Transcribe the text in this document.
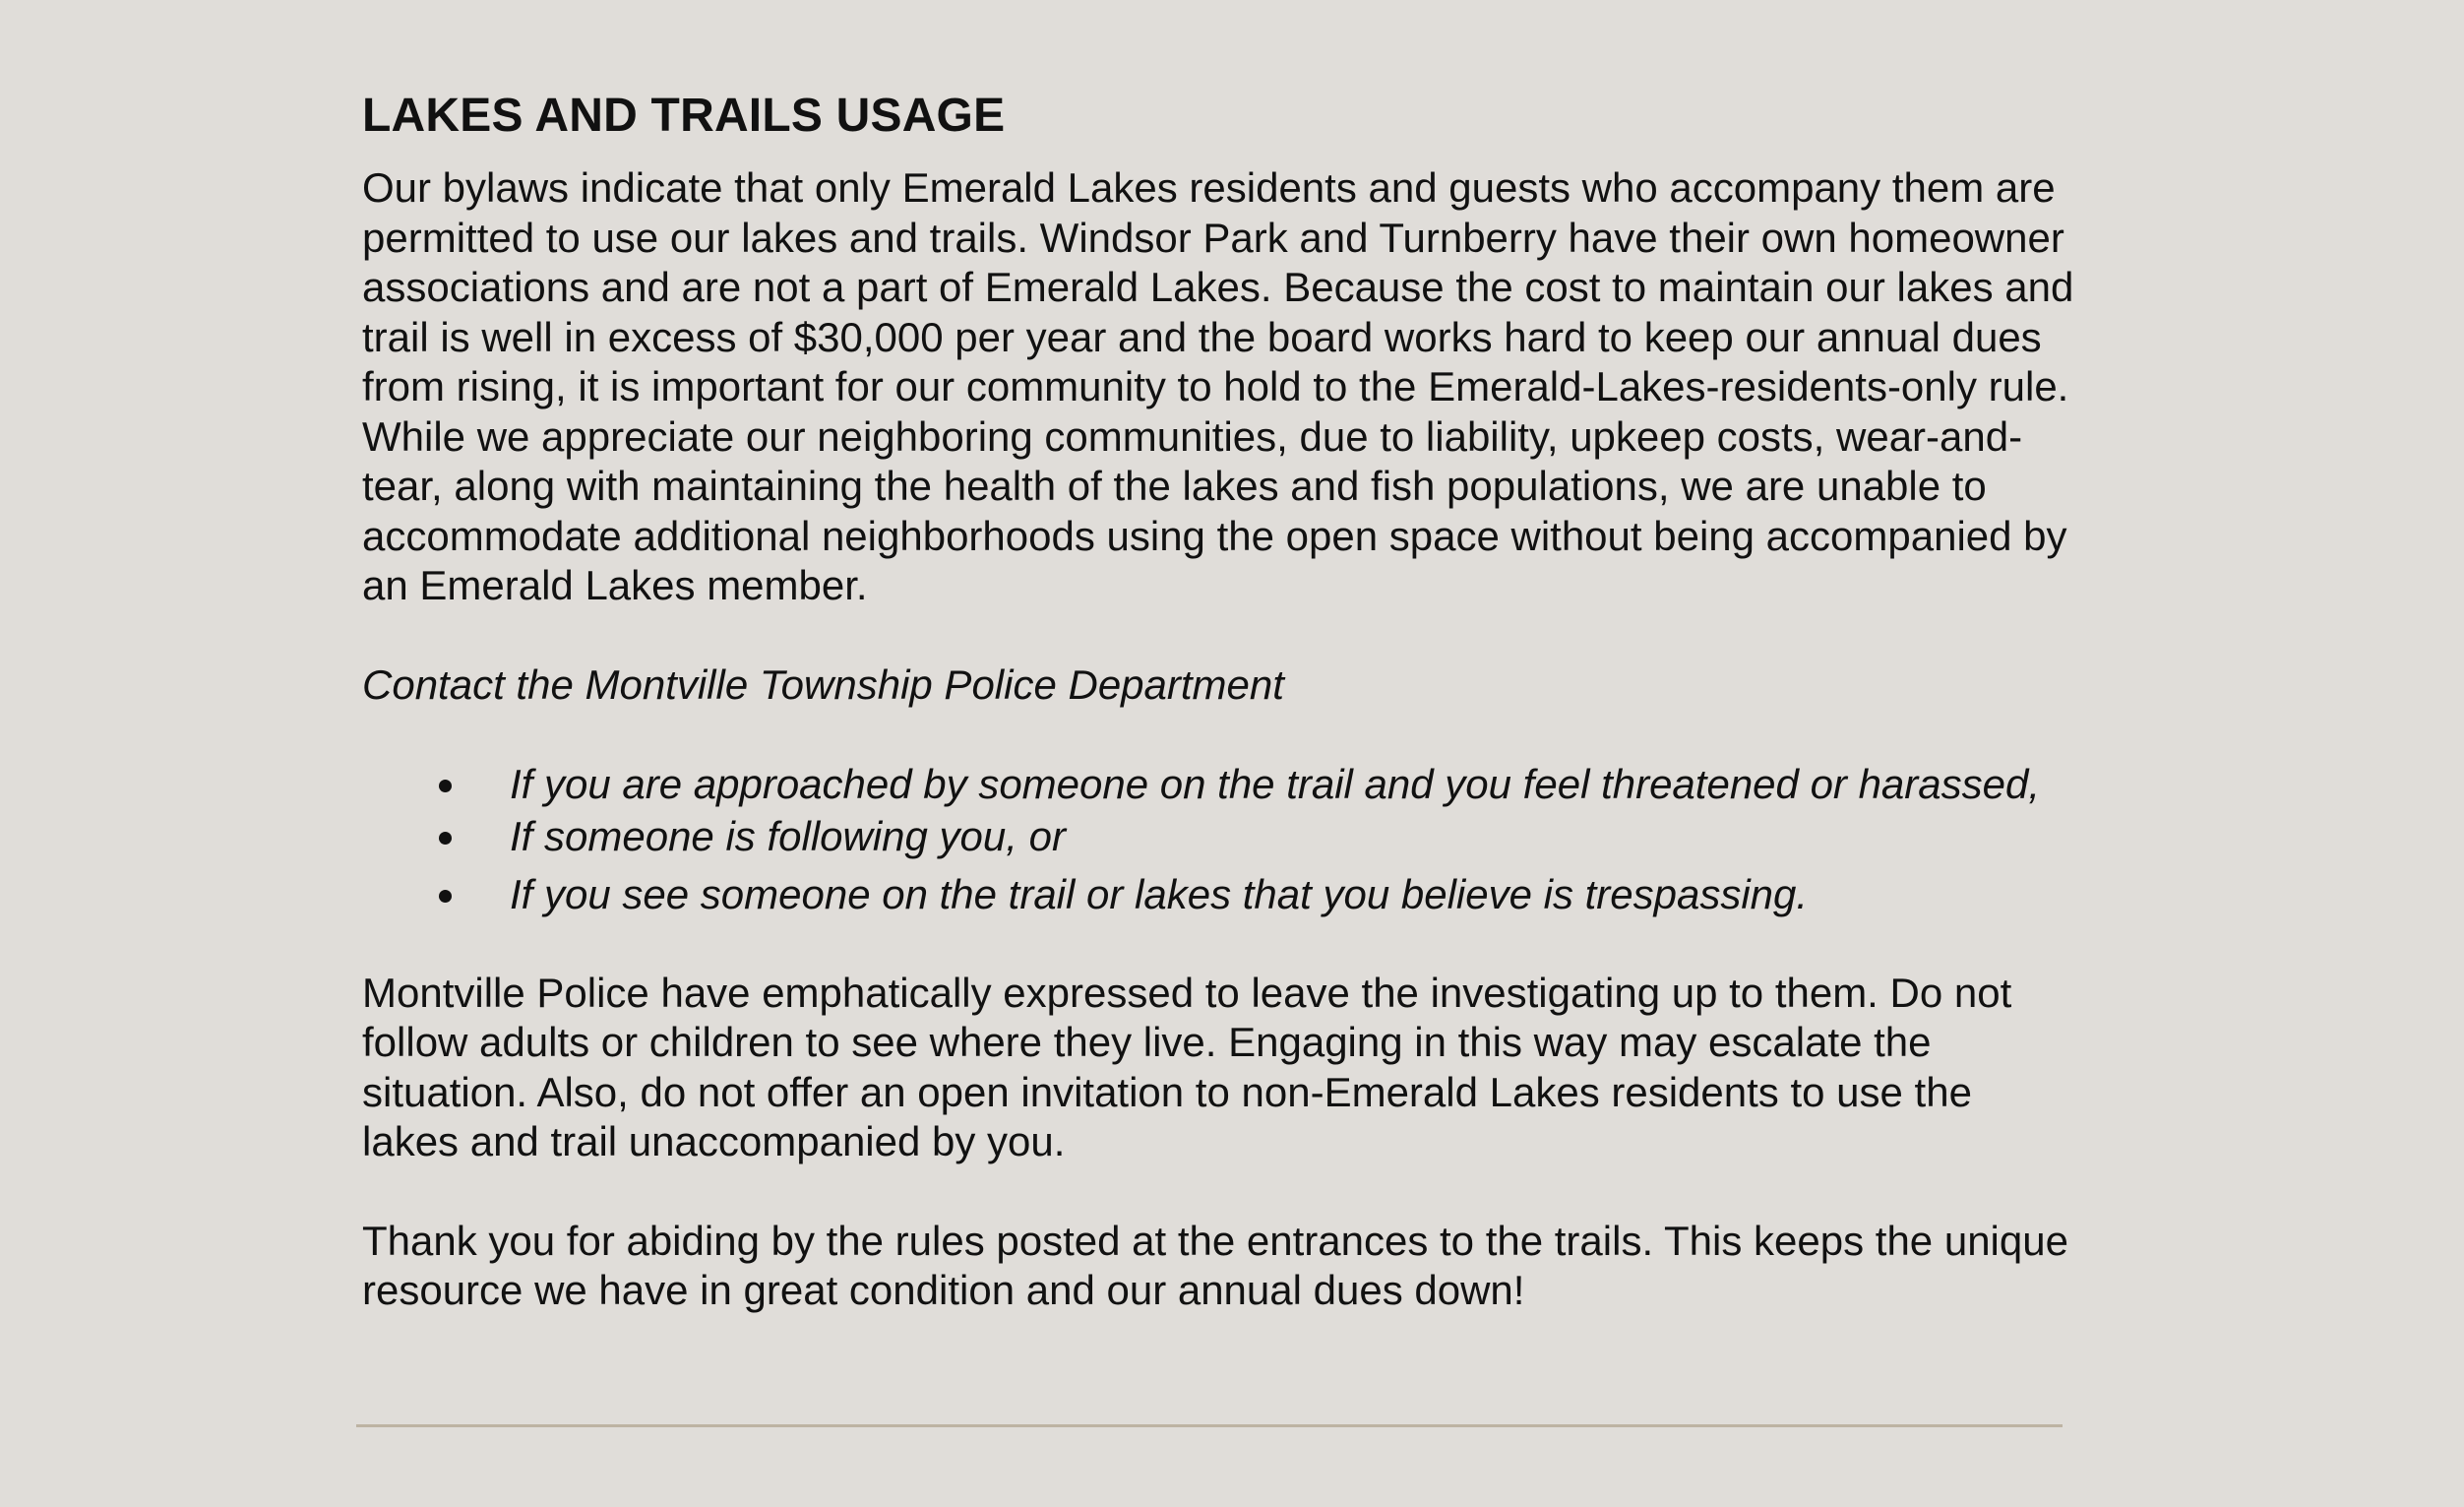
LAKES AND TRAILS USAGE

Our bylaws indicate that only Emerald Lakes residents and guests who accompany them are permitted to use our lakes and trails. Windsor Park and Turnberry have their own homeowner associations and are not a part of Emerald Lakes. Because the cost to maintain our lakes and trail is well in excess of $30,000 per year and the board works hard to keep our annual dues from rising, it is important for our community to hold to the Emerald-Lakes-residents-only rule. While we appreciate our neighboring communities, due to liability, upkeep costs, wear-and-tear, along with maintaining the health of the lakes and fish populations, we are unable to accommodate additional neighborhoods using the open space without being accompanied by an Emerald Lakes member.

Contact the Montville Township Police Department

If you are approached by someone on the trail and you feel threatened or harassed,
If someone is following you, or
If you see someone on the trail or lakes that you believe is trespassing.

Montville Police have emphatically expressed to leave the investigating up to them. Do not follow adults or children to see where they live. Engaging in this way may escalate the situation. Also, do not offer an open invitation to non-Emerald Lakes residents to use the lakes and trail unaccompanied by you.

Thank you for abiding by the rules posted at the entrances to the trails. This keeps the unique resource we have in great condition and our annual dues down!
